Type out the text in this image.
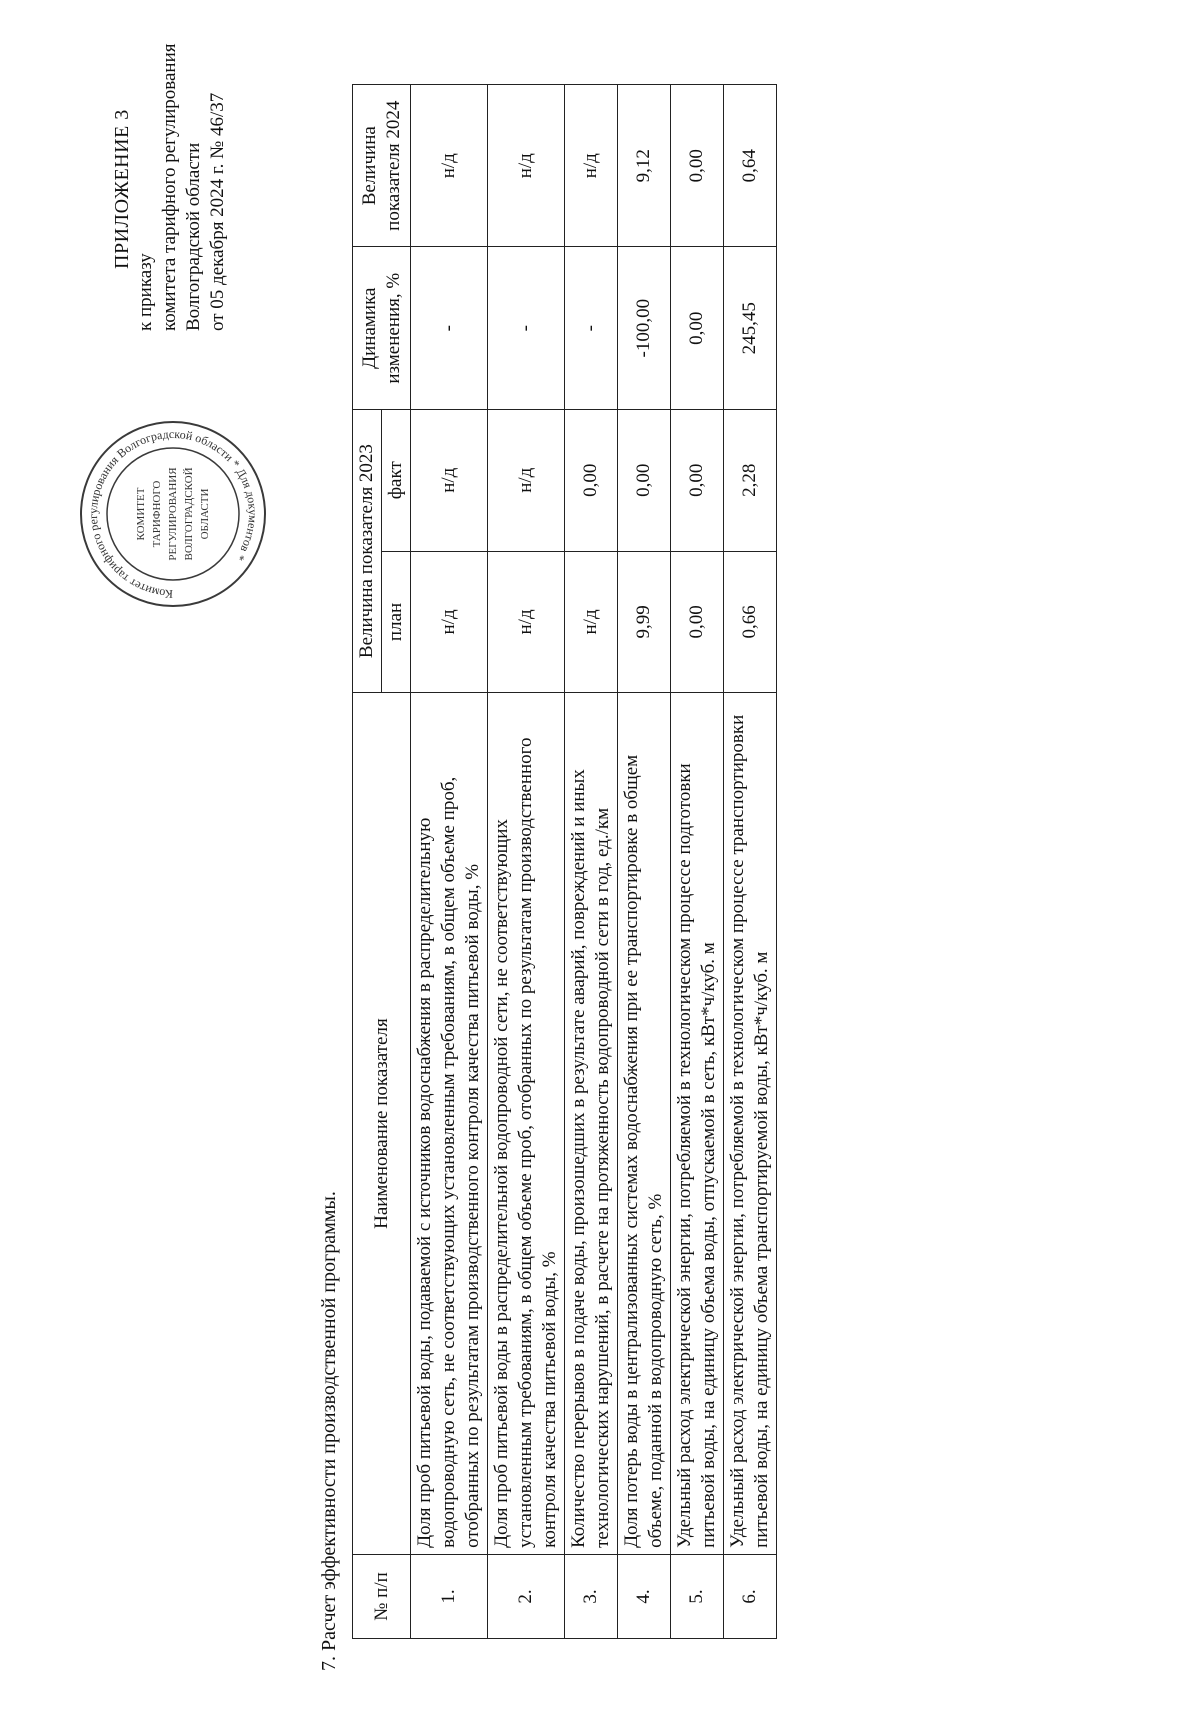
ПРИЛОЖЕНИЕ 3
к приказу комитета тарифного регулирования Волгоградской области от 05 декабря 2024 г. № 46/37
Комитет тарифного регулирования Волгоградской области * Для документов *
КОМИТЕТ ТАРИФНОГО РЕГУЛИРОВАНИЯ ВОЛГОГРАДСКОЙ ОБЛАСТИ
7. Расчет эффективности производственной программы. № п/п	Наименование показателя	Величина показателя 2023		Динамика изменения, %	Величина показателя 2024
		план	факт		
1.	Доля проб питьевой воды, подаваемой с источников водоснабжения в распределительную водопроводную сеть, не соответствующих установленным требованиям, в общем объеме проб, отобранных по результатам производственного контроля качества питьевой воды, %	н/д	н/д	-	н/д
2.	Доля проб питьевой воды в распределительной водопроводной сети, не соответствующих установленным требованиям, в общем объеме проб, отобранных по результатам производственного контроля качества питьевой воды, %	н/д	н/д	-	н/д
3.	Количество перерывов в подаче воды, произошедших в результате аварий, повреждений и иных технологических нарушений, в расчете на протяженность водопроводной сети в год, ед./км	н/д	0,00	-	н/д
4.	Доля потерь воды в централизованных системах водоснабжения при ее транспортировке в общем объеме, поданной в водопроводную сеть, %	9,99	0,00	-100,00	9,12
5.	Удельный расход электрической энергии, потребляемой в технологическом процессе подготовки питьевой воды, на единицу объема воды, отпускаемой в сеть, кВт*ч/куб. м	0,00	0,00	0,00	0,00
6.	Удельный расход электрической энергии, потребляемой в технологическом процессе транспортировки питьевой воды, на единицу объема транспортируемой воды, кВт*ч/куб. м	0,66	2,28	245,45	0,64
